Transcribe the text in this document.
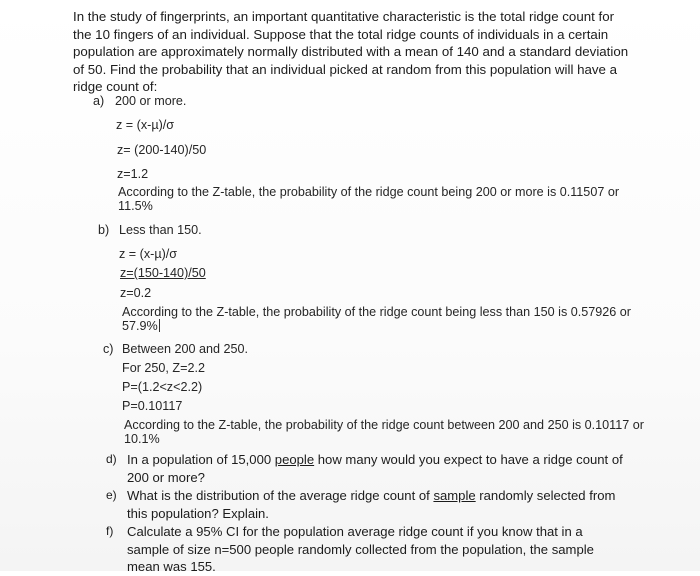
In the study of fingerprints, an important quantitative characteristic is the total ridge count for the 10 fingers of an individual. Suppose that the total ridge counts of individuals in a certain population are approximately normally distributed with a mean of 140 and a standard deviation of 50. Find the probability that an individual picked at random from this population will have a ridge count of:
a) 200 or more.
z = (x-µ)/σ
z= (200-140)/50
z=1.2
According to the Z-table, the probability of the ridge count being 200 or more is 0.11507 or 11.5%
b) Less than 150.
z = (x-µ)/σ
z=(150-140)/50
z=0.2
According to the Z-table, the probability of the ridge count being less than 150 is 0.57926 or 57.9%
c) Between 200 and 250.
For 250, Z=2.2
P=(1.2<z<2.2)
P=0.10117
According to the Z-table, the probability of the ridge count between 200 and 250 is 0.10117 or 10.1%
d) In a population of 15,000 people how many would you expect to have a ridge count of 200 or more?
e) What is the distribution of the average ridge count of sample randomly selected from this population? Explain.
f) Calculate a 95% CI for the population average ridge count if you know that in a sample of size n=500 people randomly collected from the population, the sample mean was 155.
